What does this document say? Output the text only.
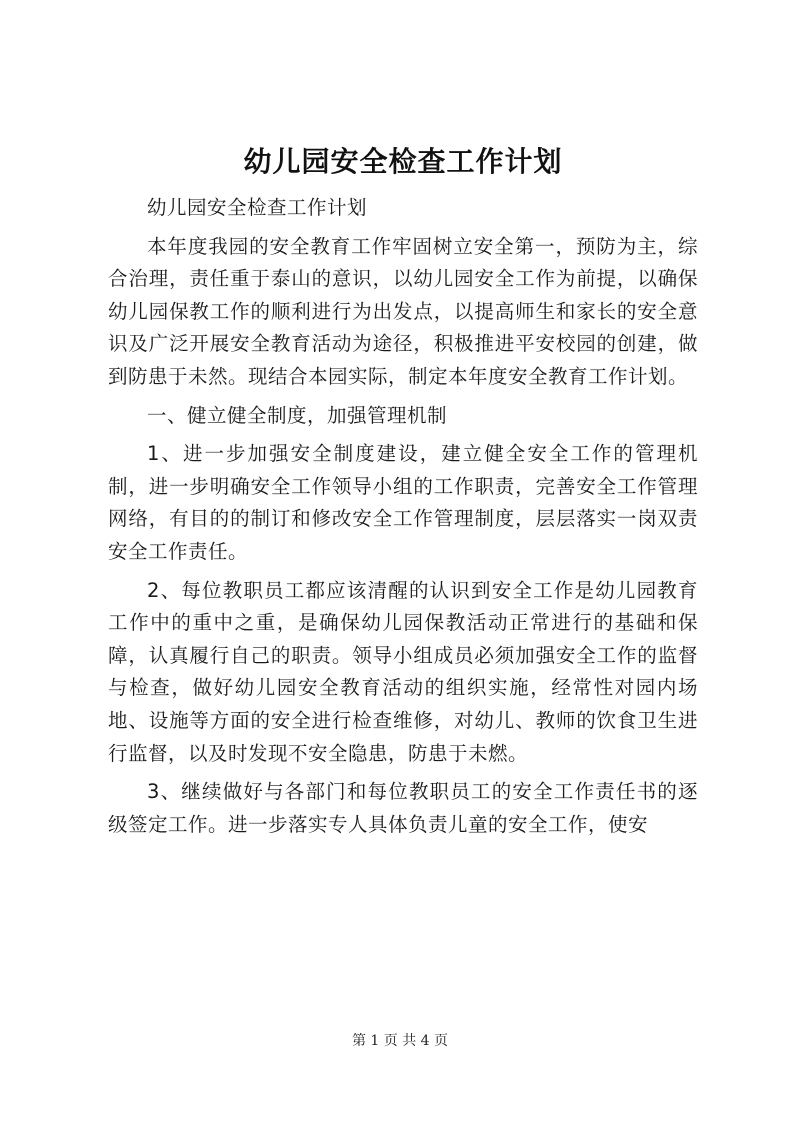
幼儿园安全检查工作计划

幼儿园安全检查工作计划

本年度我园的安全教育工作牢固树立安全第一，预防为主，综合治理，责任重于泰山的意识，以幼儿园安全工作为前提，以确保幼儿园保教工作的顺利进行为出发点，以提高师生和家长的安全意识及广泛开展安全教育活动为途径，积极推进平安校园的创建，做到防患于未然。现结合本园实际，制定本年度安全教育工作计划。

一、健立健全制度，加强管理机制

1、进一步加强安全制度建设，建立健全安全工作的管理机制，进一步明确安全工作领导小组的工作职责，完善安全工作管理网络，有目的的制订和修改安全工作管理制度，层层落实一岗双责安全工作责任。

2、每位教职员工都应该清醒的认识到安全工作是幼儿园教育工作中的重中之重，是确保幼儿园保教活动正常进行的基础和保障，认真履行自己的职责。领导小组成员必须加强安全工作的监督与检查，做好幼儿园安全教育活动的组织实施，经常性对园内场地、设施等方面的安全进行检查维修，对幼儿、教师的饮食卫生进行监督，以及时发现不安全隐患，防患于未燃。

3、继续做好与各部门和每位教职员工的安全工作责任书的逐级签定工作。进一步落实专人具体负责儿童的安全工作，使安

第 1 页 共 4 页
